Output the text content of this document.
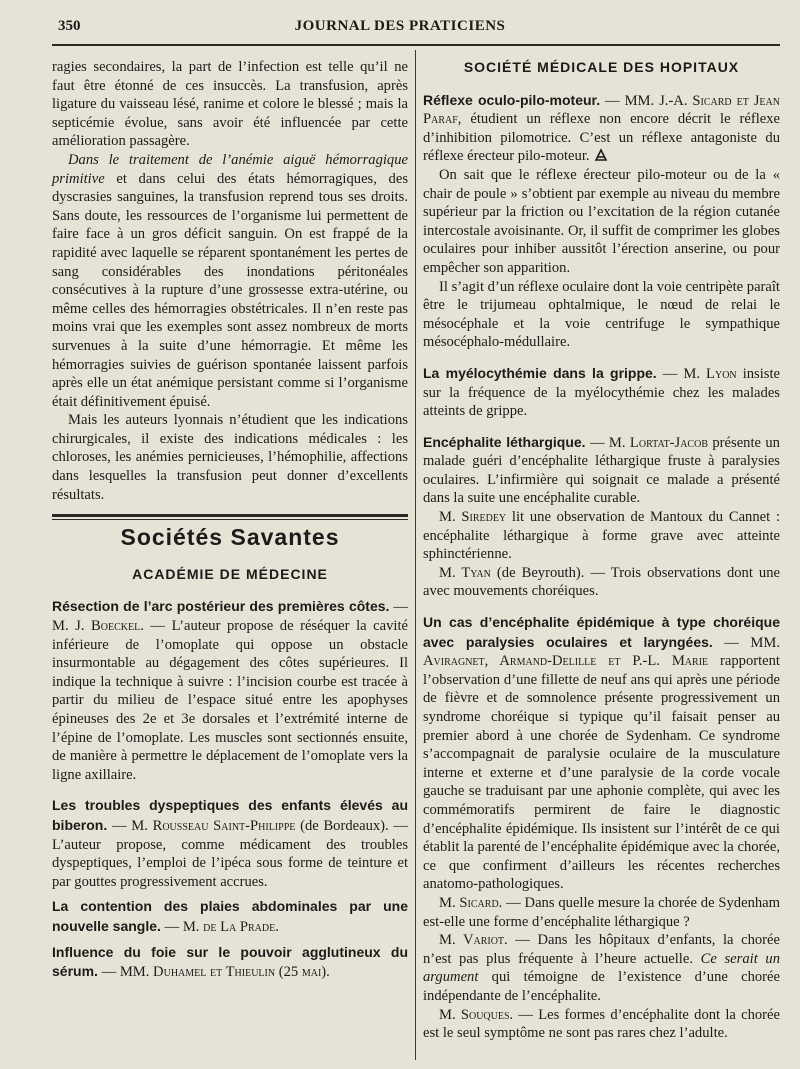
350	JOURNAL DES PRATICIENS

ragies secondaires, la part de l’infection est telle qu’il ne faut être étonné de ces insuccès. La transfusion, après ligature du vaisseau lésé, ranime et colore le blessé ; mais la septicémie évolue, sans avoir été influencée par cette amélioration passagère.

Dans le traitement de l’anémie aiguë hémorragique primitive et dans celui des états hémorragiques, des dyscrasies sanguines, la transfusion reprend tous ses droits. Sans doute, les ressources de l’organisme lui permettent de faire face à un gros déficit sanguin. On est frappé de la rapidité avec laquelle se réparent spontanément les pertes de sang considérables des inondations péritonéales consécutives à la rupture d’une grossesse extra-utérine, ou même celles des hémorragies obstétricales. Il n’en reste pas moins vrai que les exemples sont assez nombreux de morts survenues à la suite d’une hémorragie. Et même les hémorragies suivies de guérison spontanée laissent parfois après elle un état anémique persistant comme si l’organisme était définitivement épuisé.

Mais les auteurs lyonnais n’étudient que les indications chirurgicales, il existe des indications médicales : les chloroses, les anémies pernicieuses, l’hémophilie, affections dans lesquelles la transfusion peut donner d’excellents résultats.

Sociétés Savantes
ACADÉMIE DE MÉDECINE

Résection de l’arc postérieur des premières côtes. — M. J. Boeckel. — L’auteur propose de réséquer la cavité inférieure de l’omoplate qui oppose un obstacle insurmontable au dégagement des côtes supérieures. Il indique la technique à suivre : l’incision courbe est tracée à partir du milieu de l’espace situé entre les apophyses épineuses des 2e et 3e dorsales et l’extrémité interne de l’épine de l’omoplate. Les muscles sont sectionnés ensuite, de manière à permettre le déplacement de l’omoplate vers la ligne axillaire.

Les troubles dyspeptiques des enfants élevés au biberon. — M. Rousseau Saint-Philippe (de Bordeaux). — L’auteur propose, comme médicament des troubles dyspeptiques, l’emploi de l’ipéca sous forme de teinture et par gouttes progressivement accrues.

La contention des plaies abdominales par une nouvelle sangle. — M. de La Prade.

Influence du foie sur le pouvoir agglutineux du sérum. — MM. Duhamel et Thieulin (25 mai).

SOCIÉTÉ MÉDICALE DES HOPITAUX

Réflexe oculo-pilo-moteur. — MM. J.-A. Sicard et Jean Paraf, étudient un réflexe non encore décrit le réflexe d’inhibition pilomotrice. C’est un réflexe antagoniste du réflexe érecteur pilo-moteur.

On sait que le réflexe érecteur pilo-moteur ou de la « chair de poule » s’obtient par exemple au niveau du membre supérieur par la friction ou l’excitation de la région cutanée intercostale avoisinante. Or, il suffit de comprimer les globes oculaires pour inhiber aussitôt l’érection anserine, ou pour empêcher son apparition.

Il s’agit d’un réflexe oculaire dont la voie centripète paraît être le trijumeau ophtalmique, le nœud de relai le mésocéphale et la voie centrifuge le sympathique mésocéphalo-médullaire.

La myélocythémie dans la grippe. — M. Lyon insiste sur la fréquence de la myélocythémie chez les malades atteints de grippe.

Encéphalite léthargique. — M. Lortat-Jacob présente un malade guéri d’encéphalite léthargique fruste à paralysies oculaires. L’infirmière qui soignait ce malade a présenté dans la suite une encéphalite curable.

M. Siredey lit une observation de Mantoux du Cannet : encéphalite léthargique à forme grave avec atteinte sphinctérienne.

M. Tyan (de Beyrouth). — Trois observations dont une avec mouvements choréiques.

Un cas d’encéphalite épidémique à type choréique avec paralysies oculaires et laryngées. — MM. Aviragnet, Armand-Delille et P.-L. Marie rapportent l’observation d’une fillette de neuf ans qui après une période de fièvre et de somnolence présente progressivement un syndrome choréique si typique qu’il faisait penser au premier abord à une chorée de Sydenham. Ce syndrome s’accompagnait de paralysie oculaire de la musculature interne et externe et d’une paralysie de la corde vocale gauche se traduisant par une aphonie complète, qui avec les commémoratifs permirent de faire le diagnostic d’encéphalite épidémique. Ils insistent sur l’intérêt de ce qui établit la parenté de l’encéphalite épidémique avec la chorée, ce que confirment d’ailleurs les récentes recherches anatomo-pathologiques.

M. Sicard. — Dans quelle mesure la chorée de Sydenham est-elle une forme d’encéphalite léthargique ?

M. Variot. — Dans les hôpitaux d’enfants, la chorée n’est pas plus fréquente à l’heure actuelle. Ce serait un argument qui témoigne de l’existence d’une chorée indépendante de l’encéphalite.

M. Souques. — Les formes d’encéphalite dont la chorée est le seul symptôme ne sont pas rares chez l’adulte.
